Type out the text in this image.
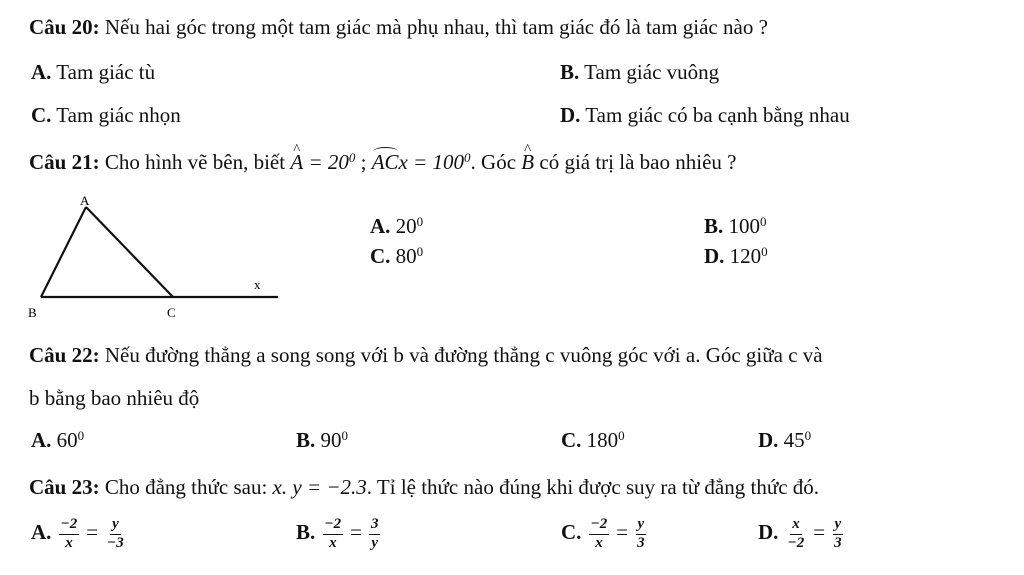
Câu 20: Nếu hai góc trong một tam giác mà phụ nhau, thì tam giác đó là tam giác nào ?
A. Tam giác tù	B. Tam giác vuông
C. Tam giác nhọn	D. Tam giác có ba cạnh bằng nhau
Câu 21: Cho hình vẽ bên, biết ^ $A = 20^0$ ; ACx = $100^0$. Góc ^ B có giá trị là bao nhiêu ?
A
B	C
x
A. $20^0$	B. $100^0$
C. $80^0$	D. $120^0$
Câu 22: Nếu đường thẳng a song song với b và đường thẳng c vuông góc với a. Góc giữa c và
b bằng bao nhiêu độ
A. $60^0$	B. $90^0$	C. $180^0$	D. $45^0$
Câu 23: Cho đẳng thức sau: x. y = −2.3. Tỉ lệ thức nào đúng khi được suy ra từ đẳng thức đó.
A. $\frac{-2}{x} = \frac{y}{-3}$	B. $\frac{-2}{x} = \frac{3}{y}$	C. $\frac{-2}{x} = \frac{y}{3}$	D. $\frac{x}{-2} = \frac{y}{3}$
